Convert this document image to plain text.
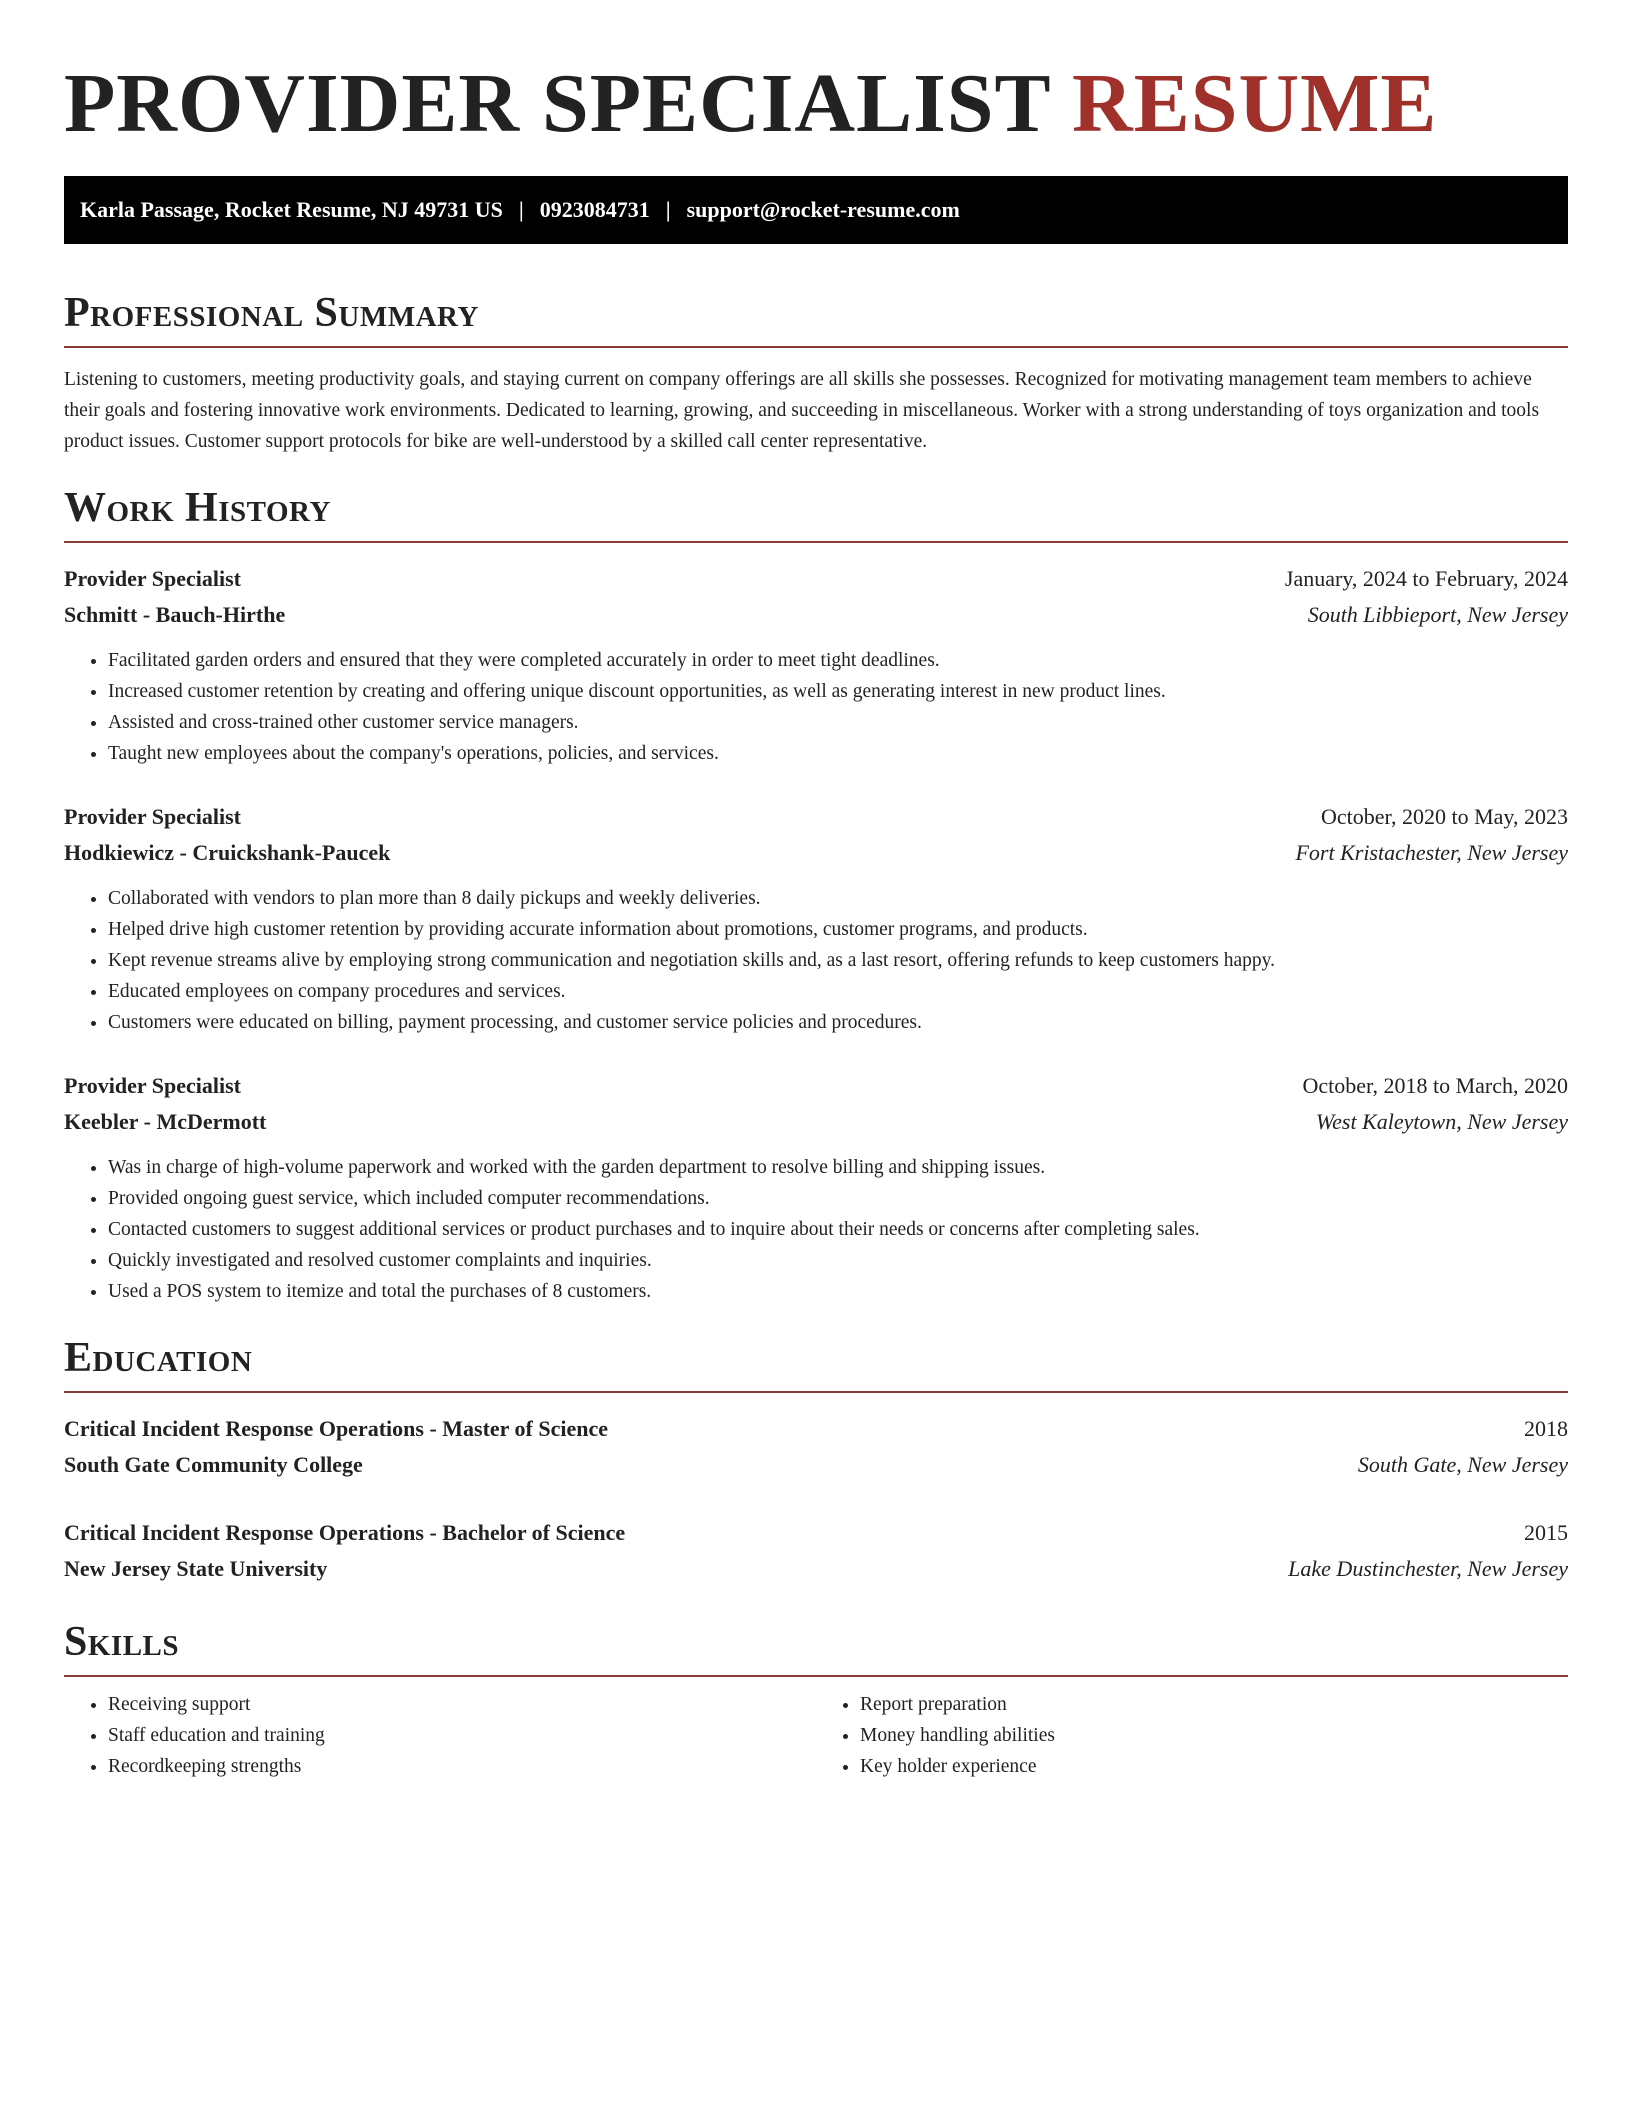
PROVIDER SPECIALIST RESUME
Karla Passage, Rocket Resume, NJ 49731 US | 0923084731 | support@rocket-resume.com
Professional Summary

Listening to customers, meeting productivity goals, and staying current on company offerings are all skills she possesses. Recognized for motivating management team members to achieve their goals and fostering innovative work environments. Dedicated to learning, growing, and succeeding in miscellaneous. Worker with a strong understanding of toys organization and tools product issues. Customer support protocols for bike are well-understood by a skilled call center representative.

Work History
Provider Specialist	January, 2024 to February, 2024
Schmitt - Bauch-Hirthe	South Libbieport, New Jersey
• Facilitated garden orders and ensured that they were completed accurately in order to meet tight deadlines.
• Increased customer retention by creating and offering unique discount opportunities, as well as generating interest in new product lines.
• Assisted and cross-trained other customer service managers.
• Taught new employees about the company's operations, policies, and services.
Provider Specialist	October, 2020 to May, 2023
Hodkiewicz - Cruickshank-Paucek	Fort Kristachester, New Jersey
• Collaborated with vendors to plan more than 8 daily pickups and weekly deliveries.
• Helped drive high customer retention by providing accurate information about promotions, customer programs, and products.
• Kept revenue streams alive by employing strong communication and negotiation skills and, as a last resort, offering refunds to keep customers happy.
• Educated employees on company procedures and services.
• Customers were educated on billing, payment processing, and customer service policies and procedures.
Provider Specialist	October, 2018 to March, 2020
Keebler - McDermott	West Kaleytown, New Jersey
• Was in charge of high-volume paperwork and worked with the garden department to resolve billing and shipping issues.
• Provided ongoing guest service, which included computer recommendations.
• Contacted customers to suggest additional services or product purchases and to inquire about their needs or concerns after completing sales.
• Quickly investigated and resolved customer complaints and inquiries.
• Used a POS system to itemize and total the purchases of 8 customers.
Education
Critical Incident Response Operations - Master of Science	2018
South Gate Community College	South Gate, New Jersey
Critical Incident Response Operations - Bachelor of Science	2015
New Jersey State University	Lake Dustinchester, New Jersey
Skills
• Receiving support
• Staff education and training
• Recordkeeping strengths
• Report preparation
• Money handling abilities
• Key holder experience
